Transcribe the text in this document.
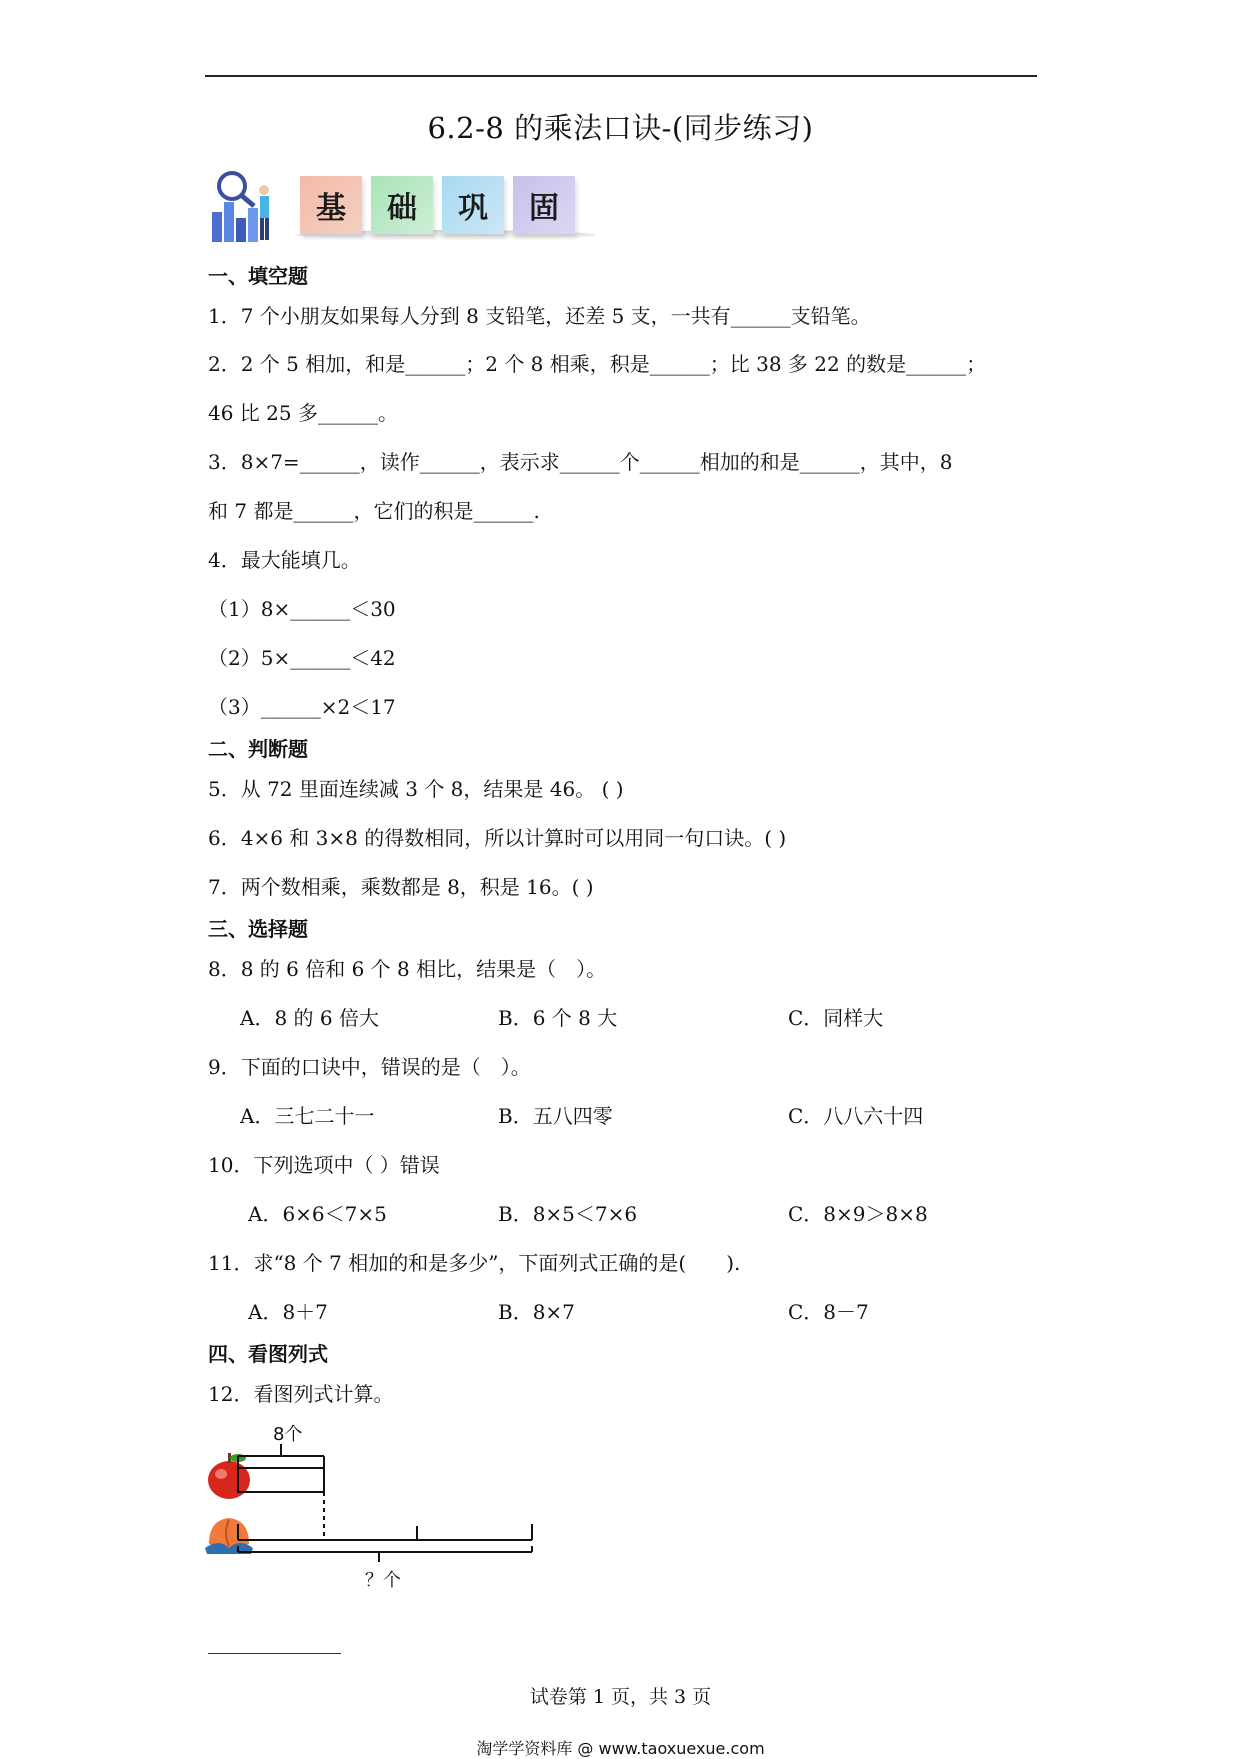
6.2-8 的乘法口诀-(同步练习)
基	础	巩	固
一、填空题
1．7 个小朋友如果每人分到 8 支铅笔，还差 5 支，一共有______支铅笔。
2．2 个 5 相加，和是______；2 个 8 相乘，积是______；比 38 多 22 的数是______；
46 比 25 多______。
3．8×7=______，读作______，表示求______个______相加的和是______，其中，8
和 7 都是______，它们的积是______.
4．最大能填几。
（1）8×______＜30
（2）5×______＜42
（3）______×2＜17
二、判断题
5．从 72 里面连续减 3 个 8，结果是 46。 ( )
6．4×6 和 3×8 的得数相同，所以计算时可以用同一句口诀。( )
7．两个数相乘，乘数都是 8，积是 16。( )
三、选择题
8．8 的 6 倍和 6 个 8 相比，结果是（　）。
A．8 的 6 倍大	B．6 个 8 大	C．同样大
9．下面的口诀中，错误的是（　）。
A．三七二十一	B．五八四零	C．八八六十四
10．下列选项中（ ）错误
A．6×6＜7×5	B．8×5＜7×6	C．8×9＞8×8
11．求“8 个 7 相加的和是多少”，下面列式正确的是(　　).
A．8＋7	B．8×7	C．8－7
四、看图列式
12．看图列式计算。
8个
？个
试卷第 1 页，共 3 页
淘学学资料库 @ www.taoxuexue.com
